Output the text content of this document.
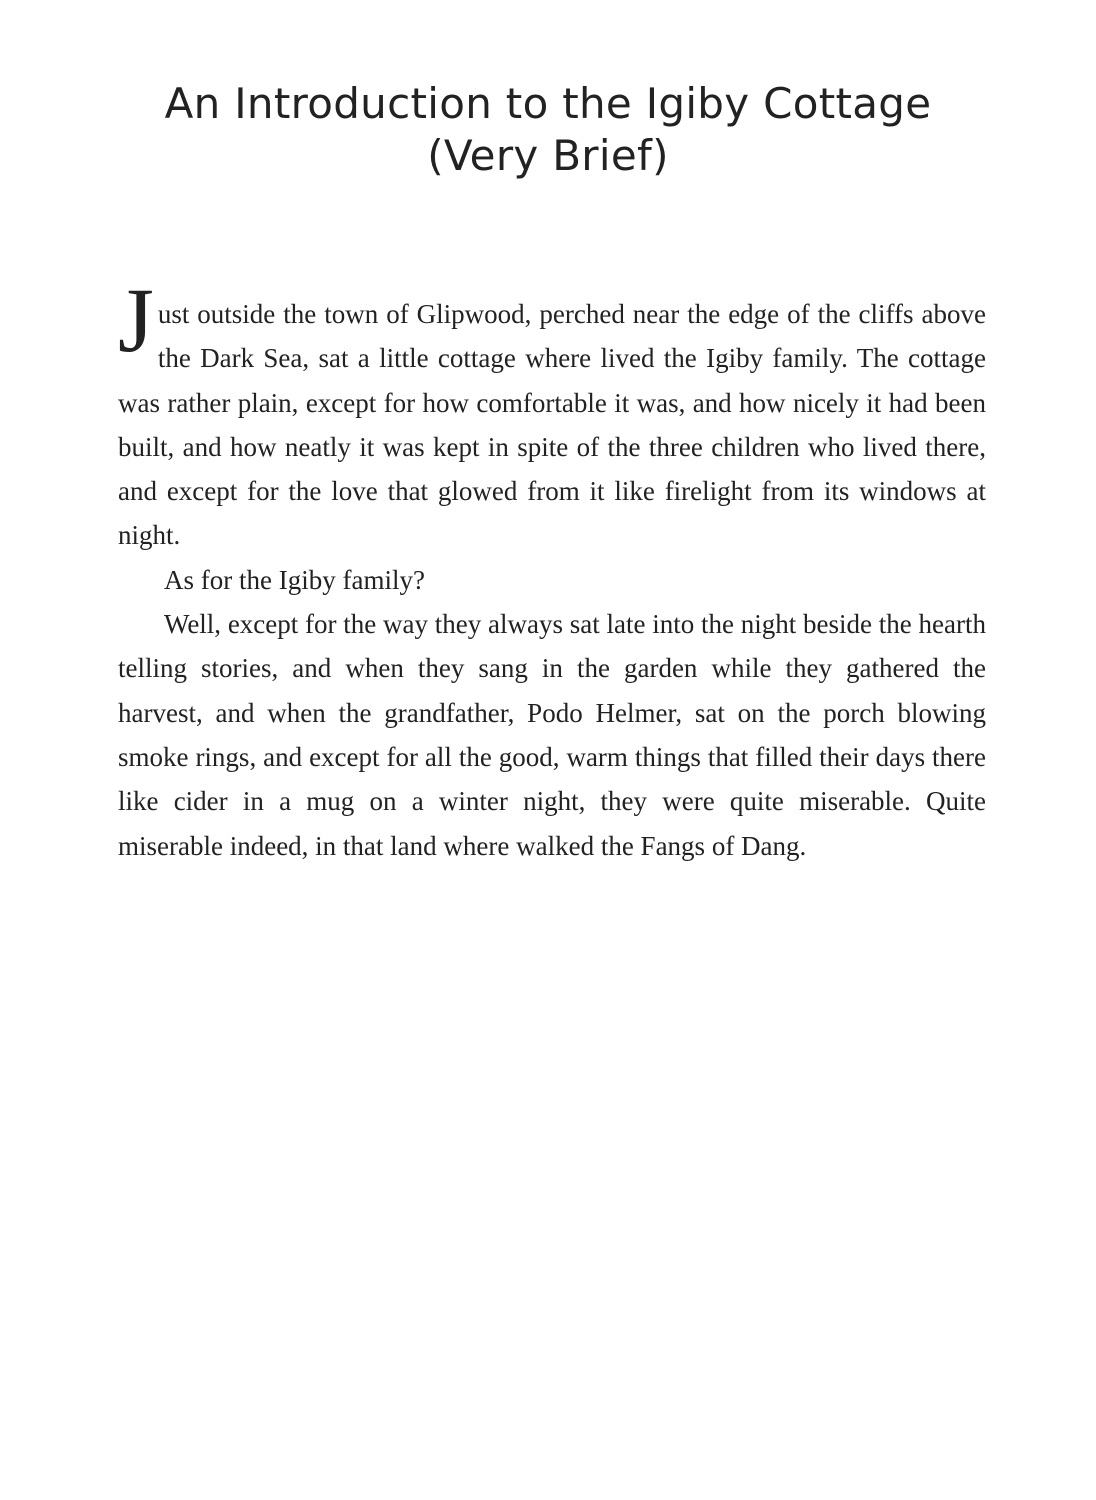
An Introduction to the Igiby Cottage
(Very Brief)

Just outside the town of Glipwood, perched near the edge of the cliffs above the Dark Sea, sat a little cottage where lived the Igiby family. The cottage was rather plain, except for how comfortable it was, and how nicely it had been built, and how neatly it was kept in spite of the three children who lived there, and except for the love that glowed from it like firelight from its windows at night.

As for the Igiby family?

Well, except for the way they always sat late into the night beside the hearth telling stories, and when they sang in the garden while they gathered the harvest, and when the grandfather, Podo Helmer, sat on the porch blowing smoke rings, and except for all the good, warm things that filled their days there like cider in a mug on a winter night, they were quite miserable. Quite miserable indeed, in that land where walked the Fangs of Dang.
